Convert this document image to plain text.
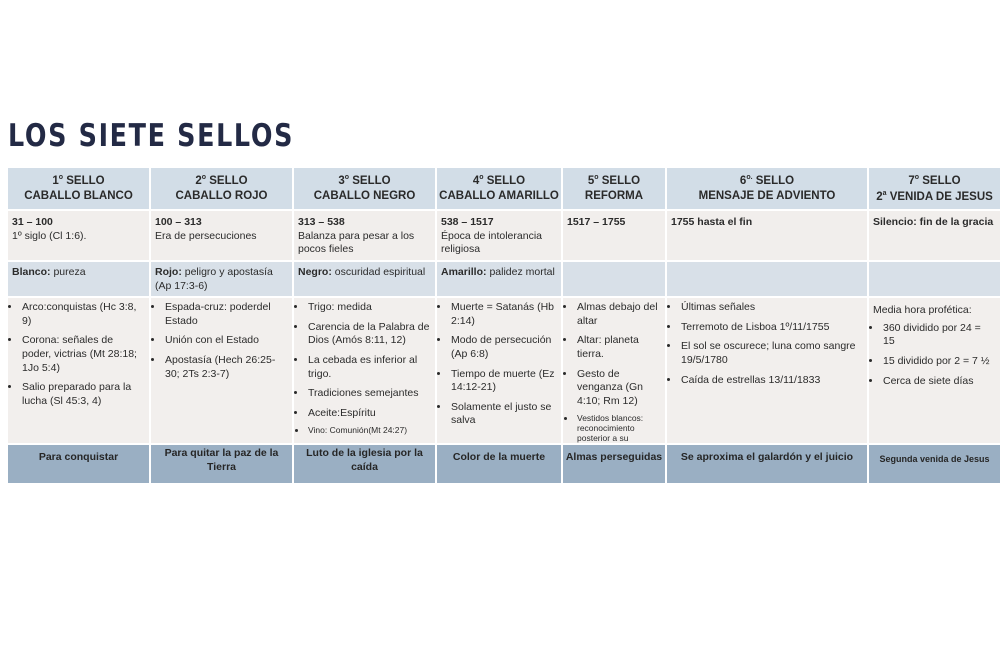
LOS SIETE SELLOS
1$^o$ SELLO
CABALLO BLANCO
31 – 100
1º siglo (Cl 1:6).
Blanco: pureza
• Arco:conquistas (Hc 3:8, 9)
• Corona: señales de poder, victrias (Mt 28:18; 1Jo 5:4)
• Salio preparado para la lucha (Sl 45:3, 4)
Para conquistar
2$^o$ SELLO
CABALLO ROJO
100 – 313
Era de persecuciones
Rojo: peligro y apostasía (Ap 17:3-6)
• Espada-cruz: poderdel Estado
• Unión con el Estado
• Apostasía (Hech 26:25-30; 2Ts 2:3-7)
Para quitar la paz de la Tierra
3$^o$ SELLO
CABALLO NEGRO
313 – 538
Balanza para pesar a los pocos fieles
Negro: oscuridad espiritual
• Trigo: medida
• Carencia de la Palabra de Dios (Amós 8:11, 12)
• La cebada es inferior al trigo.
• Tradiciones semejantes
• Aceite:Espíritu
• Vino: Comunión(Mt 24:27)
Luto de la iglesia por la caída
4$^o$ SELLO
CABALLO AMARILLO
538 – 1517
Época de intolerancia religiosa
Amarillo: palidez mortal
• Muerte = Satanás (Hb 2:14)
• Modo de persecución (Ap 6:8)
• Tiempo de muerte (Ez 14:12-21)
• Solamente el justo se salva
Color de la muerte
5$^o$ SELLO
REFORMA
1517 – 1755
• Almas debajo del altar
• Altar: planeta tierra.
• Gesto de venganza (Gn 4:10; Rm 12)
• Vestidos blancos: reconocimiento posterior a su
Almas perseguidas
$6^{o.}$ SELLO
MENSAJE DE ADVIENTO
1755 hasta el fin
• Últimas señales
• Terremoto de Lisboa 1º/11/1755
• El sol se oscurece; luna como sangre 19/5/1780
• Caída de estrellas 13/11/1833
Se aproxima el galardón y el juicio
7$^o$ SELLO
2$^a$ VENIDA DE JESUS
Silencio: fin de la gracia
Media hora profética:
• 360 dividido por 24 = 15
• 15 dividido por 2 = 7 ½
• Cerca de siete días
Segunda venida de Jesus
